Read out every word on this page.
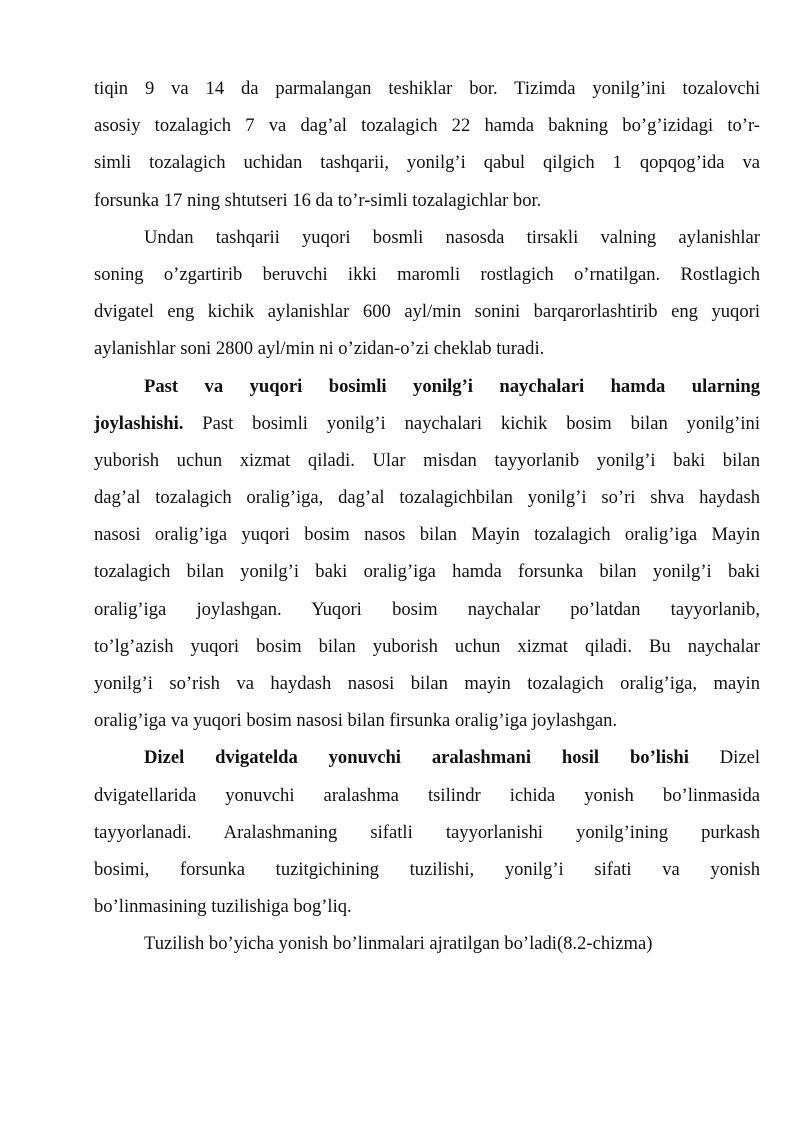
tiqin 9 va 14 da parmalangan teshiklar bor. Tizimda yonilg’ini tozalovchi
asosiy tozalagich 7 va dag’al tozalagich 22 hamda bakning bo’g’izidagi to’r-
simli tozalagich uchidan tashqarii, yonilg’i qabul qilgich 1 qopqog’ida va
forsunka 17 ning shtutseri 16 da to’r-simli tozalagichlar bor.
Undan tashqarii yuqori bosmli nasosda tirsakli valning aylanishlar
soning o’zgartirib beruvchi ikki maromli rostlagich o’rnatilgan. Rostlagich
dvigatel eng kichik aylanishlar 600 ayl/min sonini barqarorlashtirib eng yuqori
aylanishlar soni 2800 ayl/min ni o’zidan-o’zi cheklab turadi.
Past va yuqori bosimli yonilg’i naychalari hamda ularning
joylashishi. Past bosimli yonilg’i naychalari kichik bosim bilan yonilg’ini
yuborish uchun xizmat qiladi. Ular misdan tayyorlanib yonilg’i baki bilan
dag’al tozalagich oralig’iga, dag’al tozalagichbilan yonilg’i so’ri shva haydash
nasosi oralig’iga yuqori bosim nasos bilan Mayin tozalagich oralig’iga Mayin
tozalagich bilan yonilg’i baki oralig’iga hamda forsunka bilan yonilg’i baki
oralig’iga joylashgan. Yuqori bosim naychalar po’latdan tayyorlanib,
to’lg’azish yuqori bosim bilan yuborish uchun xizmat qiladi. Bu naychalar
yonilg’i so’rish va haydash nasosi bilan mayin tozalagich oralig’iga, mayin
oralig’iga va yuqori bosim nasosi bilan firsunka oralig’iga joylashgan.
Dizel dvigatelda yonuvchi aralashmani hosil bo’lishi Dizel
dvigatellarida yonuvchi aralashma tsilindr ichida yonish bo’linmasida
tayyorlanadi. Aralashmaning sifatli tayyorlanishi yonilg’ining purkash
bosimi, forsunka tuzitgichining tuzilishi, yonilg’i sifati va yonish
bo’linmasining tuzilishiga bog’liq.
Tuzilish bo’yicha yonish bo’linmalari ajratilgan bo’ladi(8.2-chizma)
